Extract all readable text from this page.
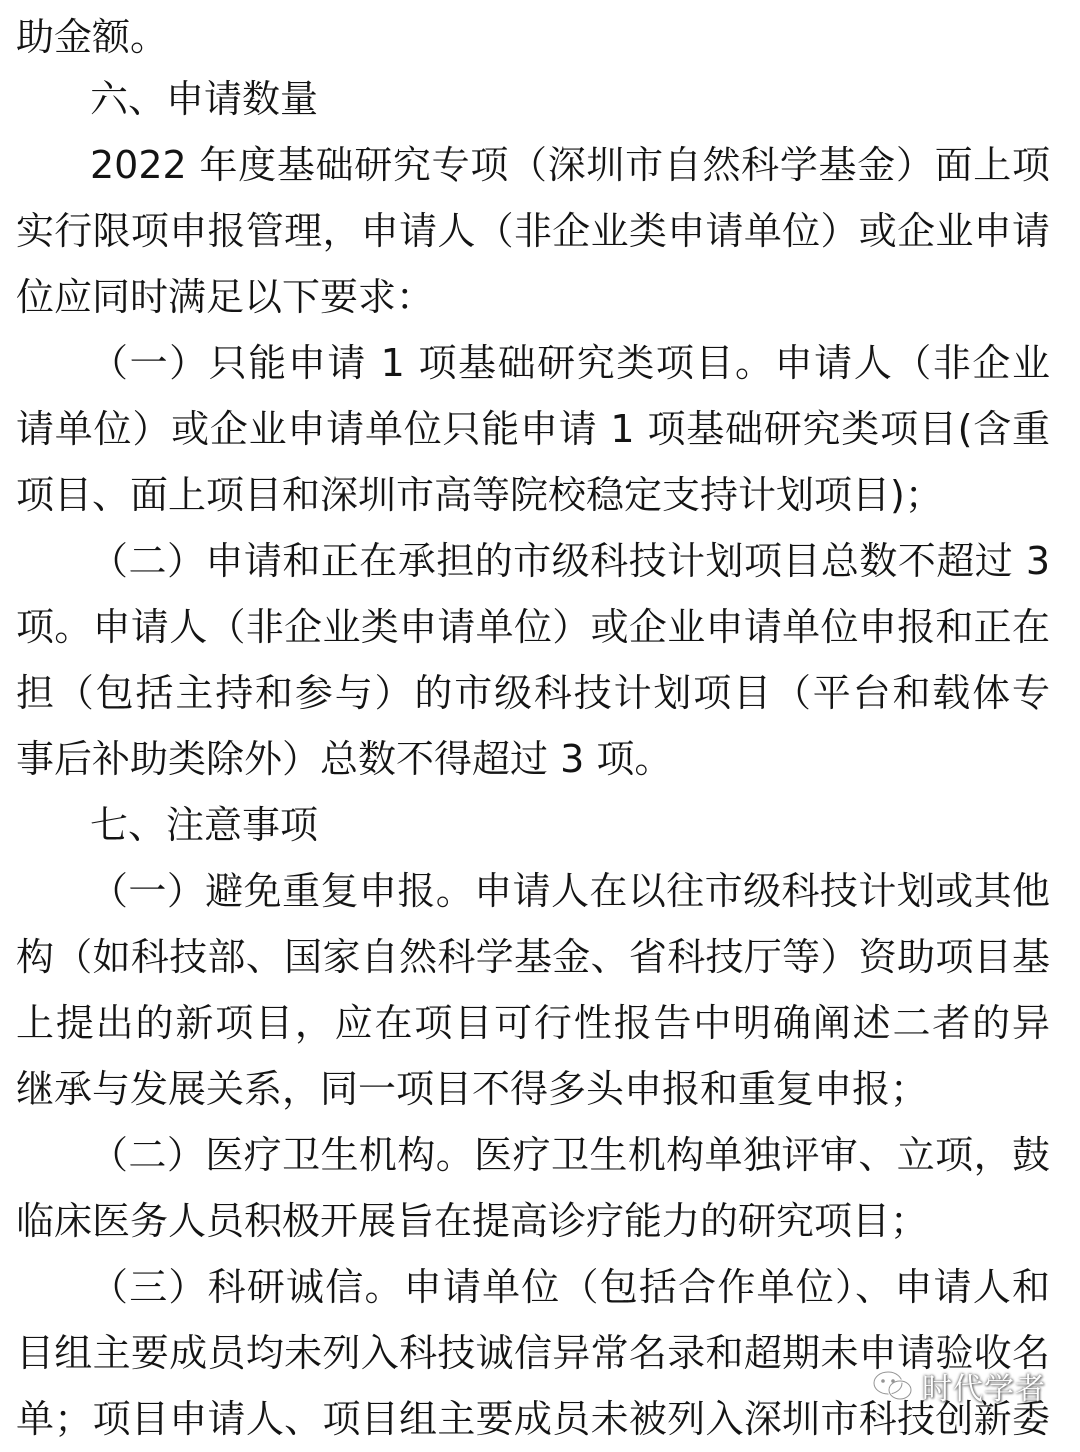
助金额。
六、申请数量
2022 年度基础研究专项（深圳市自然科学基金）面上项
实行限项申报管理，申请人（非企业类申请单位）或企业申请
位应同时满足以下要求：
（一）只能申请 1 项基础研究类项目。申请人（非企业
请单位）或企业申请单位只能申请 1 项基础研究类项目(含重
项目、面上项目和深圳市高等院校稳定支持计划项目)；
（二）申请和正在承担的市级科技计划项目总数不超过 3
项。申请人（非企业类申请单位）或企业申请单位申报和正在
担（包括主持和参与）的市级科技计划项目（平台和载体专
事后补助类除外）总数不得超过 3 项。
七、注意事项
（一）避免重复申报。申请人在以往市级科技计划或其他
构（如科技部、国家自然科学基金、省科技厅等）资助项目基
上提出的新项目，应在项目可行性报告中明确阐述二者的异
继承与发展关系，同一项目不得多头申报和重复申报；
（二）医疗卫生机构。医疗卫生机构单独评审、立项，鼓
临床医务人员积极开展旨在提高诊疗能力的研究项目；
（三）科研诚信。申请单位（包括合作单位）、申请人和
目组主要成员均未列入科技诚信异常名录和超期未申请验收名
单；项目申请人、项目组主要成员未被列入深圳市科技创新委
时代学者
